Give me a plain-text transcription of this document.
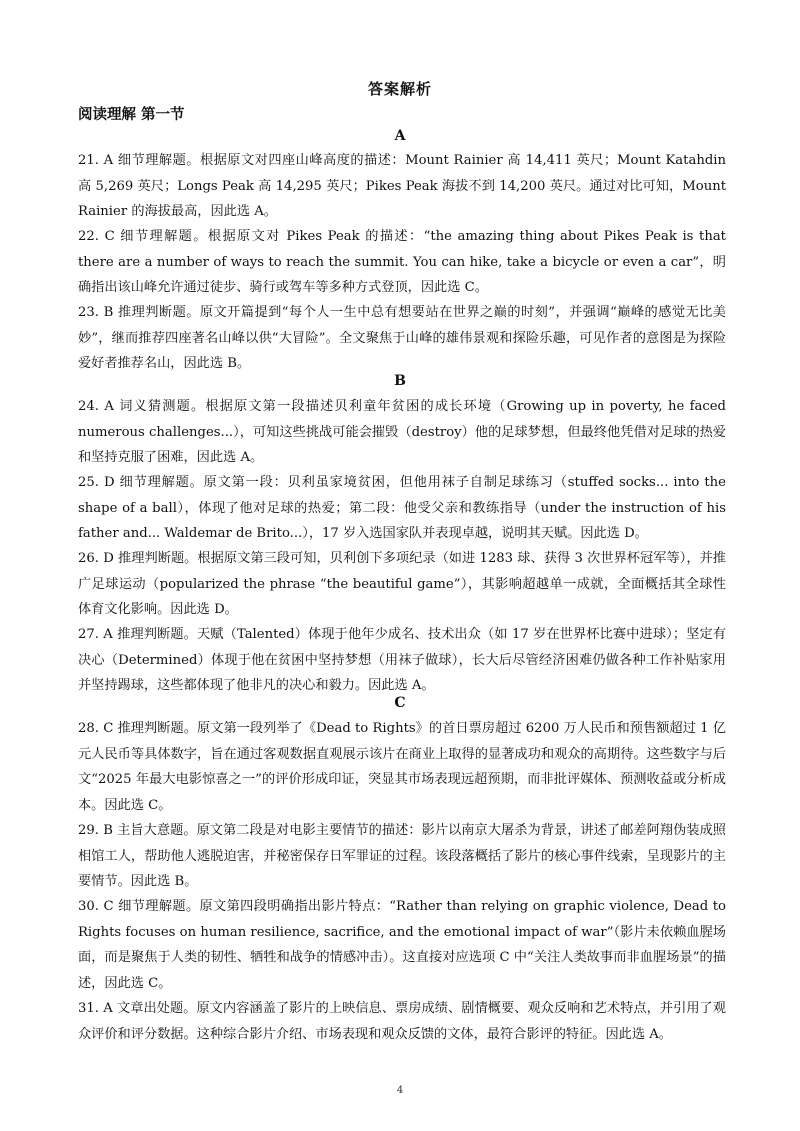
答案解析
阅读理解 第一节
A
21. A 细节理解题。根据原文对四座山峰高度的描述：Mount Rainier 高 14,411 英尺；Mount Katahdin 高 5,269 英尺；Longs Peak 高 14,295 英尺；Pikes Peak 海拔不到 14,200 英尺。通过对比可知，Mount Rainier 的海拔最高，因此选 A。
22. C 细节理解题。根据原文对 Pikes Peak 的描述：“the amazing thing about Pikes Peak is that there are a number of ways to reach the summit. You can hike, take a bicycle or even a car”，明确指出该山峰允许通过徒步、骑行或驾车等多种方式登顶，因此选 C。
23. B 推理判断题。原文开篇提到“每个人一生中总有想要站在世界之巅的时刻”，并强调“巅峰的感觉无比美妙”，继而推荐四座著名山峰以供“大冒险”。全文聚焦于山峰的雄伟景观和探险乐趣，可见作者的意图是为探险爱好者推荐名山，因此选 B。
B
24. A 词义猜测题。根据原文第一段描述贝利童年贫困的成长环境（Growing up in poverty, he faced numerous challenges...），可知这些挑战可能会摧毁（destroy）他的足球梦想，但最终他凭借对足球的热爱和坚持克服了困难，因此选 A。
25. D 细节理解题。原文第一段：贝利虽家境贫困，但他用袜子自制足球练习（stuffed socks... into the shape of a ball），体现了他对足球的热爱；第二段：他受父亲和教练指导（under the instruction of his father and... Waldemar de Brito...），17 岁入选国家队并表现卓越，说明其天赋。因此选 D。
26. D 推理判断题。根据原文第三段可知，贝利创下多项纪录（如进 1283 球、获得 3 次世界杯冠军等），并推广足球运动（popularized the phrase “the beautiful game”），其影响超越单一成就，全面概括其全球性体育文化影响。因此选 D。
27. A 推理判断题。天赋（Talented）体现于他年少成名、技术出众（如 17 岁在世界杯比赛中进球）；坚定有决心（Determined）体现于他在贫困中坚持梦想（用袜子做球），长大后尽管经济困难仍做各种工作补贴家用并坚持踢球，这些都体现了他非凡的决心和毅力。因此选 A。
C
28. C 推理判断题。原文第一段列举了《Dead to Rights》的首日票房超过 6200 万人民币和预售额超过 1 亿元人民币等具体数字，旨在通过客观数据直观展示该片在商业上取得的显著成功和观众的高期待。这些数字与后文“2025 年最大电影惊喜之一”的评价形成印证，突显其市场表现远超预期，而非批评媒体、预测收益或分析成本。因此选 C。
29. B 主旨大意题。原文第二段是对电影主要情节的描述：影片以南京大屠杀为背景，讲述了邮差阿翔伪装成照相馆工人，帮助他人逃脱迫害，并秘密保存日军罪证的过程。该段落概括了影片的核心事件线索，呈现影片的主要情节。因此选 B。
30. C 细节理解题。原文第四段明确指出影片特点：“Rather than relying on graphic violence, Dead to Rights focuses on human resilience, sacrifice, and the emotional impact of war”（影片未依赖血腥场面，而是聚焦于人类的韧性、牺牲和战争的情感冲击）。这直接对应选项 C 中“关注人类故事而非血腥场景”的描述，因此选 C。
31. A 文章出处题。原文内容涵盖了影片的上映信息、票房成绩、剧情概要、观众反响和艺术特点，并引用了观众评价和评分数据。这种综合影片介绍、市场表现和观众反馈的文体，最符合影评的特征。因此选 A。
4
